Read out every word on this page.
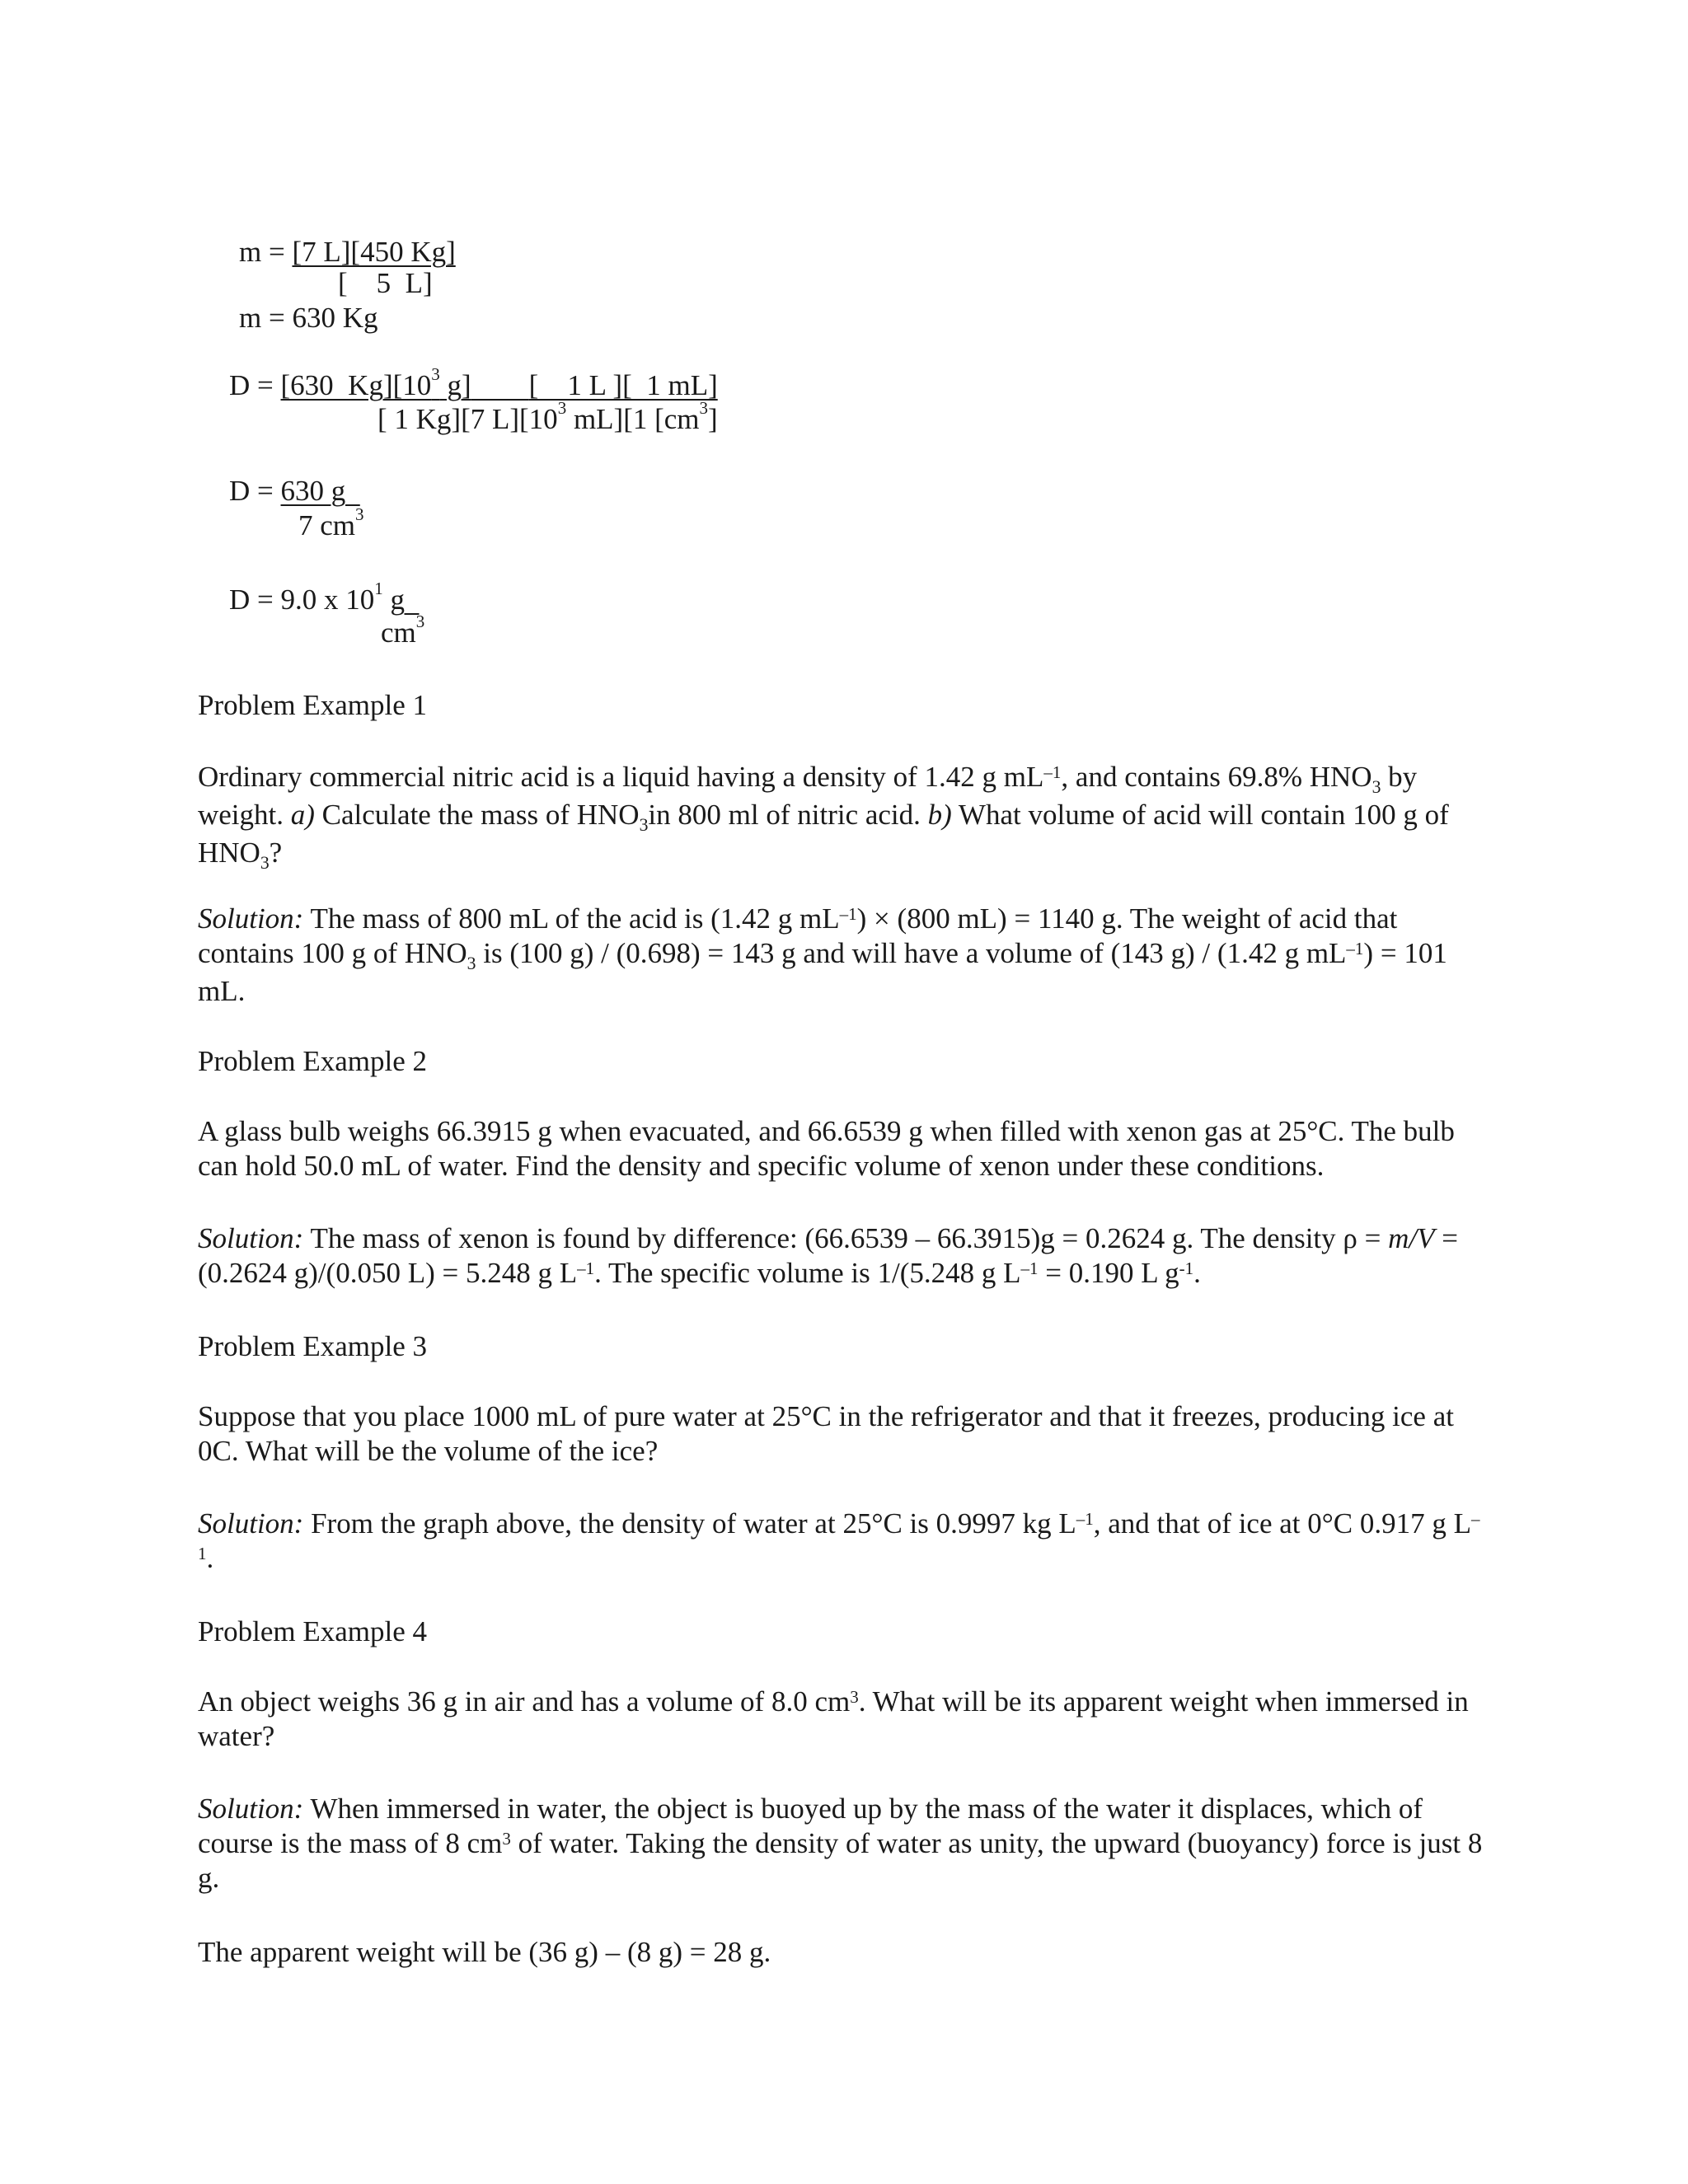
m = [7 L][450 Kg]
[    5  L]
m = 630 Kg
D = [630  $Kg][10^3$ g] [    1 L ][  1 mL]
[ 1 Kg][7 $L][10^3$ mL][1 $[cm^3]$
D = 630 g
7 $cm^3$
D = 9.0 x $10^1$ g
$cm^3$
Problem Example 1
Ordinary commercial nitric acid is a liquid having a density of 1.42 g $mL^{-1}$, and contains 69.8% $HNO_3$ by weight. a) Calculate the mass of $HNO_3in$ 800 ml of nitric acid. b) What volume of acid will contain 100 g of $HNO_3$?
Solution: The mass of 800 mL of the acid is (1.42 g $mL^{-1}) \times (800$ mL) = 1140 g. The weight of acid that contains 100 g of $HNO_3$ is (100 g) / (0.698) = 143 g and will have a volume of (143 g) / (1.42 g $mL^{-1}) = 101$ mL.
Problem Example 2
A glass bulb weighs 66.3915 g when evacuated, and 66.6539 g when filled with xenon gas at 25°C. The bulb can hold 50.0 mL of water. Find the density and specific volume of xenon under these conditions.
Solution: The mass of xenon is found by difference: (66.6539 – 66.3915)g = 0.2624 g. The density ρ = m/V = (0.2624 g)/(0.050 L) = 5.248 g $L^{-1}$. The specific volume is 1/(5.248 g $L^{-1} = 0.190$ L $g^{-1}$.
Problem Example 3
Suppose that you place 1000 mL of pure water at 25°C in the refrigerator and that it freezes, producing ice at 0C. What will be the volume of the ice?
Solution: From the graph above, the density of water at 25°C is 0.9997 kg $L^{-1}$, and that of ice at 0°C 0.917 g $L^{-1}$.
Problem Example 4
An object weighs 36 g in air and has a volume of 8.0 $cm^3$. What will be its apparent weight when immersed in water?
Solution: When immersed in water, the object is buoyed up by the mass of the water it displaces, which of course is the mass of 8 $cm^3$ of water. Taking the density of water as unity, the upward (buoyancy) force is just 8 g.
The apparent weight will be (36 g) – (8 g) = 28 g.
